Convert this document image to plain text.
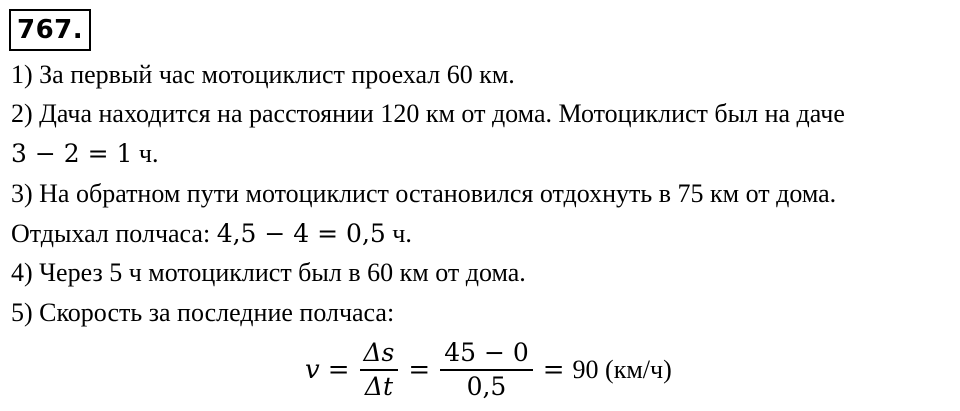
767.
1) За первый час мотоциклист проехал 60 км.
2) Дача находится на расстоянии 120 км от дома. Мотоциклист был на даче
3 − 2 = 1 ч.
3) На обратном пути мотоциклист остановился отдохнуть в 75 км от дома.
Отдыхал полчаса: 4,5 − 4 = 0,5 ч.
4) Через 5 ч мотоциклист был в 60 км от дома.
5) Скорость за последние полчаса:
$v = \frac{\Delta s}{\Delta t} = \frac{45 - 0}{0,5} = 90$ (км/ч)
